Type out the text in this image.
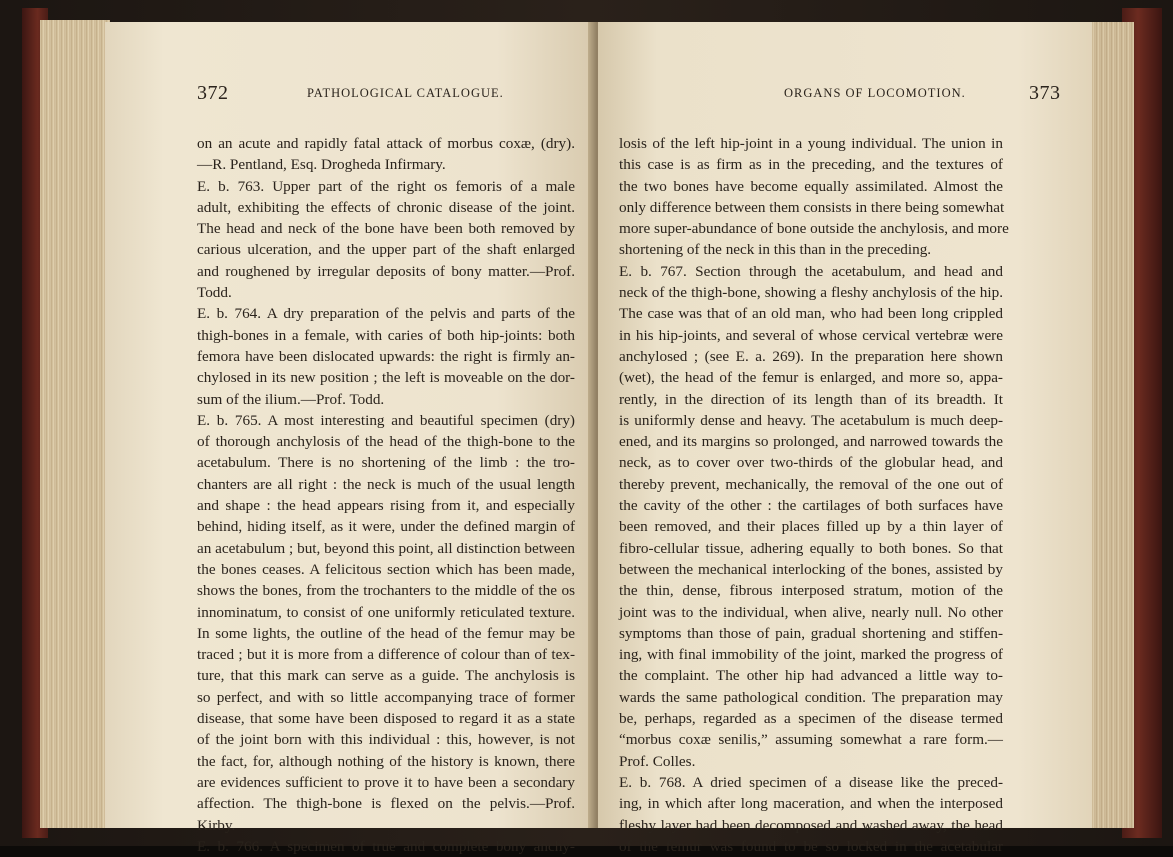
372	PATHOLOGICAL CATALOGUE.
on an acute and rapidly fatal attack of morbus coxæ, (dry).
—R. Pentland, Esq. Drogheda Infirmary.
E. b. 763. Upper part of the right os femoris of a male
adult, exhibiting the effects of chronic disease of the joint.
The head and neck of the bone have been both removed by
carious ulceration, and the upper part of the shaft enlarged
and roughened by irregular deposits of bony matter.—Prof.
Todd.
E. b. 764. A dry preparation of the pelvis and parts of the
thigh-bones in a female, with caries of both hip-joints: both
femora have been dislocated upwards: the right is firmly an-
chylosed in its new position ; the left is moveable on the dor-
sum of the ilium.—Prof. Todd.
E. b. 765. A most interesting and beautiful specimen (dry)
of thorough anchylosis of the head of the thigh-bone to the
acetabulum. There is no shortening of the limb : the tro-
chanters are all right : the neck is much of the usual length
and shape : the head appears rising from it, and especially
behind, hiding itself, as it were, under the defined margin of
an acetabulum ; but, beyond this point, all distinction between
the bones ceases. A felicitous section which has been made,
shows the bones, from the trochanters to the middle of the os
innominatum, to consist of one uniformly reticulated texture.
In some lights, the outline of the head of the femur may be
traced ; but it is more from a difference of colour than of tex-
ture, that this mark can serve as a guide. The anchylosis is
so perfect, and with so little accompanying trace of former
disease, that some have been disposed to regard it as a state
of the joint born with this individual : this, however, is not
the fact, for, although nothing of the history is known, there
are evidences sufficient to prove it to have been a secondary
affection. The thigh-bone is flexed on the pelvis.—Prof.
Kirby.
E. b. 766. A specimen of true and complete bony anchy-
ORGANS OF LOCOMOTION.	373
losis of the left hip-joint in a young individual. The union in
this case is as firm as in the preceding, and the textures of
the two bones have become equally assimilated. Almost the
only difference between them consists in there being somewhat
more super-abundance of bone outside the anchylosis, and more
shortening of the neck in this than in the preceding.
E. b. 767. Section through the acetabulum, and head and
neck of the thigh-bone, showing a fleshy anchylosis of the hip.
The case was that of an old man, who had been long crippled
in his hip-joints, and several of whose cervical vertebræ were
anchylosed ; (see E. a. 269). In the preparation here shown
(wet), the head of the femur is enlarged, and more so, appa-
rently, in the direction of its length than of its breadth. It
is uniformly dense and heavy. The acetabulum is much deep-
ened, and its margins so prolonged, and narrowed towards the
neck, as to cover over two-thirds of the globular head, and
thereby prevent, mechanically, the removal of the one out of
the cavity of the other : the cartilages of both surfaces have
been removed, and their places filled up by a thin layer of
fibro-cellular tissue, adhering equally to both bones. So that
between the mechanical interlocking of the bones, assisted by
the thin, dense, fibrous interposed stratum, motion of the
joint was to the individual, when alive, nearly null. No other
symptoms than those of pain, gradual shortening and stiffen-
ing, with final immobility of the joint, marked the progress of
the complaint. The other hip had advanced a little way to-
wards the same pathological condition. The preparation may
be, perhaps, regarded as a specimen of the disease termed
“morbus coxæ senilis,” assuming somewhat a rare form.—
Prof. Colles.
E. b. 768. A dried specimen of a disease like the preced-
ing, in which after long maceration, and when the interposed
fleshy layer had been decomposed and washed away, the head
of the femur was found to be so locked in the acetabular
